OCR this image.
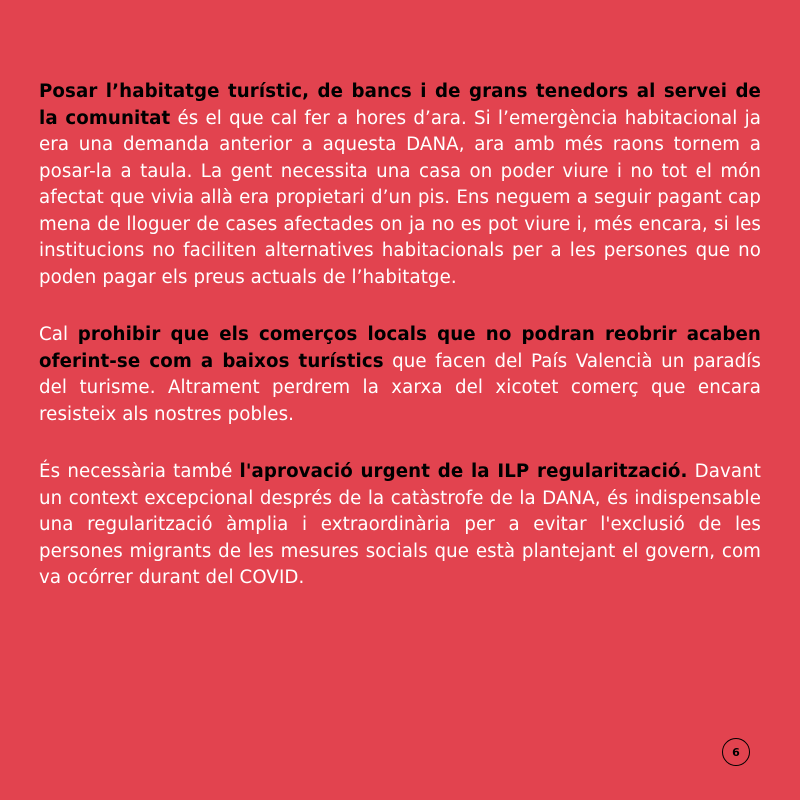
Posar l’habitatge turístic, de bancs i de grans tenedors al servei de la comunitat és el que cal fer a hores d’ara. Si l’emergència habitacional ja era una demanda anterior a aquesta DANA, ara amb més raons tornem a posar-la a taula. La gent necessita una casa on poder viure i no tot el món afectat que vivia allà era propietari d’un pis. Ens neguem a seguir pagant cap mena de lloguer de cases afectades on ja no es pot viure i, més encara, si les institucions no faciliten alternatives habitacionals per a les persones que no poden pagar els preus actuals de l’habitatge.

Cal prohibir que els comerços locals que no podran reobrir acaben oferint-se com a baixos turístics que facen del País Valencià un paradís del turisme. Altrament perdrem la xarxa del xicotet comerç que encara resisteix als nostres pobles.

És necessària també l'aprovació urgent de la ILP regularització. Davant un context excepcional després de la catàstrofe de la DANA, és indispensable una regularització àmplia i extraordinària per a evitar l'exclusió de les persones migrants de les mesures socials que està plantejant el govern, com va ocórrer durant del COVID.

6
